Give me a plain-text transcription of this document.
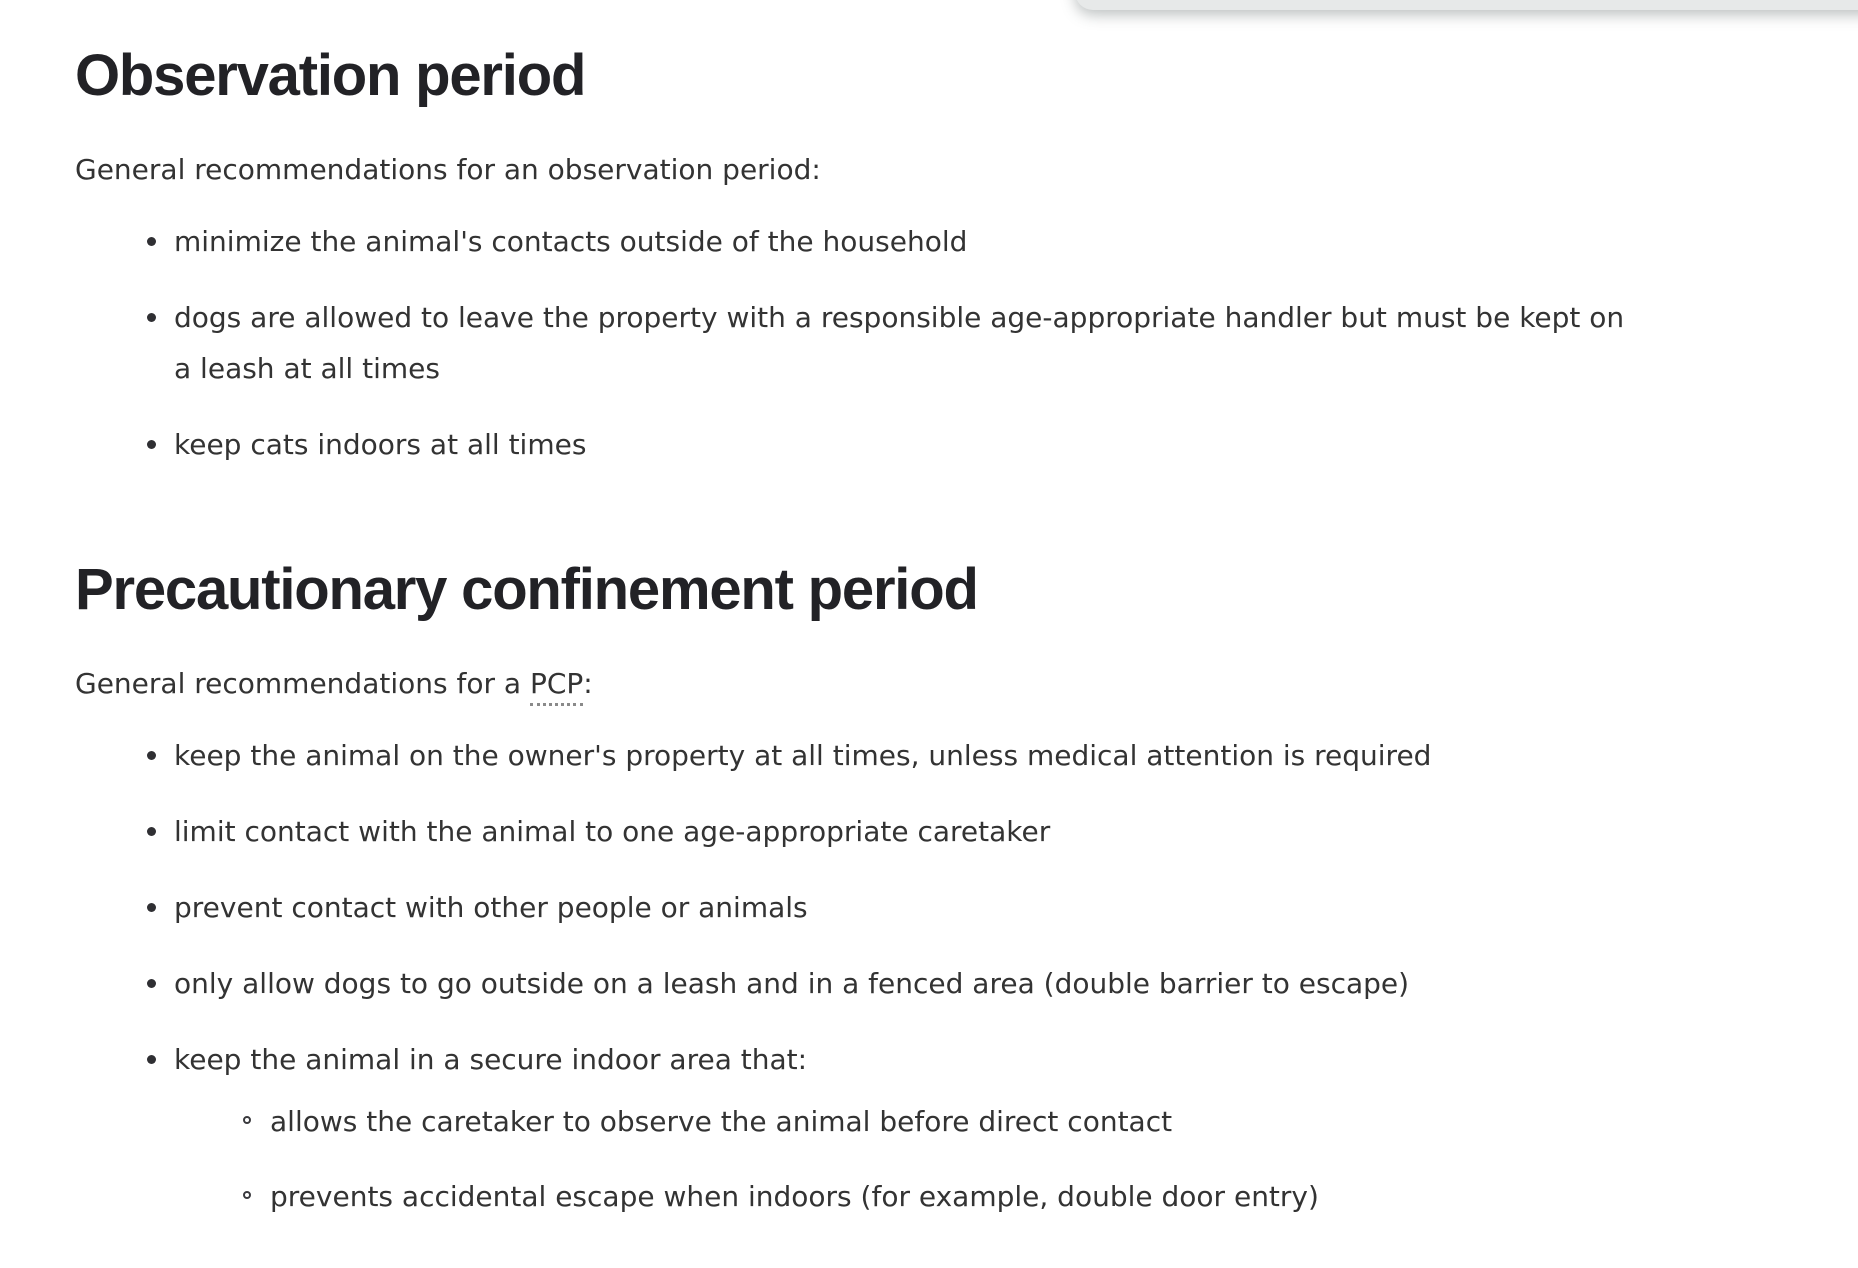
Observation period

General recommendations for an observation period:

minimize the animal's contacts outside of the household
dogs are allowed to leave the property with a responsible age-appropriate handler but must be kept on
a leash at all times
keep cats indoors at all times
Precautionary confinement period

General recommendations for a PCP:

keep the animal on the owner's property at all times, unless medical attention is required
limit contact with the animal to one age-appropriate caretaker
prevent contact with other people or animals
only allow dogs to go outside on a leash and in a fenced area (double barrier to escape)
keep the animal in a secure indoor area that:
allows the caretaker to observe the animal before direct contact
prevents accidental escape when indoors (for example, double door entry)
